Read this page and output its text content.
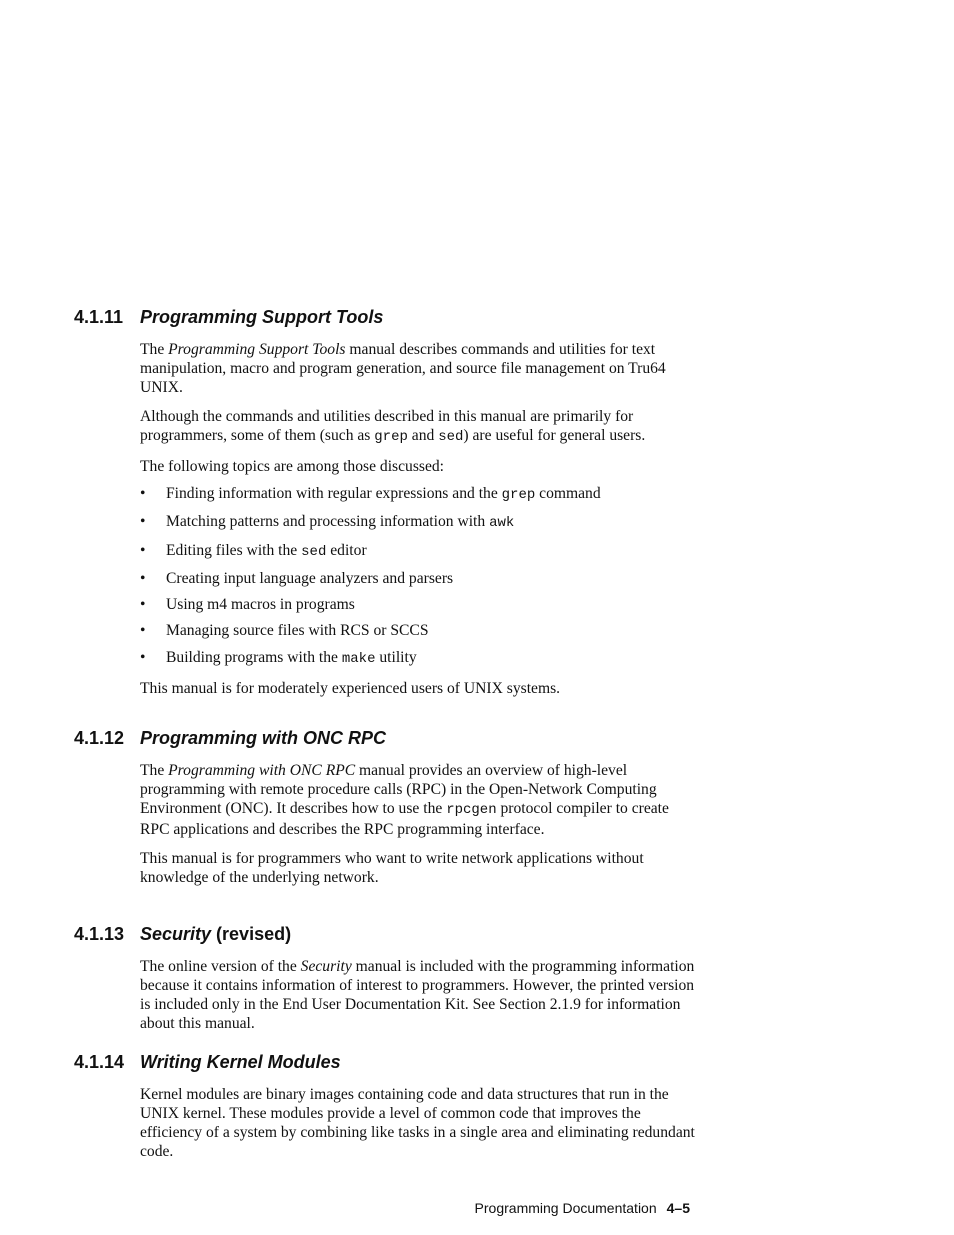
4.1.11 Programming Support Tools

The Programming Support Tools manual describes commands and utilities for text manipulation, macro and program generation, and source file management on Tru64 UNIX.

Although the commands and utilities described in this manual are primarily for programmers, some of them (such as grep and sed) are useful for general users.

The following topics are among those discussed:

• Finding information with regular expressions and the grep command
• Matching patterns and processing information with awk
• Editing files with the sed editor
• Creating input language analyzers and parsers
• Using m4 macros in programs
• Managing source files with RCS or SCCS
• Building programs with the make utility

This manual is for moderately experienced users of UNIX systems.

4.1.12 Programming with ONC RPC

The Programming with ONC RPC manual provides an overview of high-level programming with remote procedure calls (RPC) in the Open-Network Computing Environment (ONC). It describes how to use the rpcgen protocol compiler to create RPC applications and describes the RPC programming interface.

This manual is for programmers who want to write network applications without knowledge of the underlying network.

4.1.13 Security (revised)

The online version of the Security manual is included with the programming information because it contains information of interest to programmers. However, the printed version is included only in the End User Documentation Kit. See Section 2.1.9 for information about this manual.

4.1.14 Writing Kernel Modules

Kernel modules are binary images containing code and data structures that run in the UNIX kernel. These modules provide a level of common code that improves the efficiency of a system by combining like tasks in a single area and eliminating redundant code.

Programming Documentation 4–5
